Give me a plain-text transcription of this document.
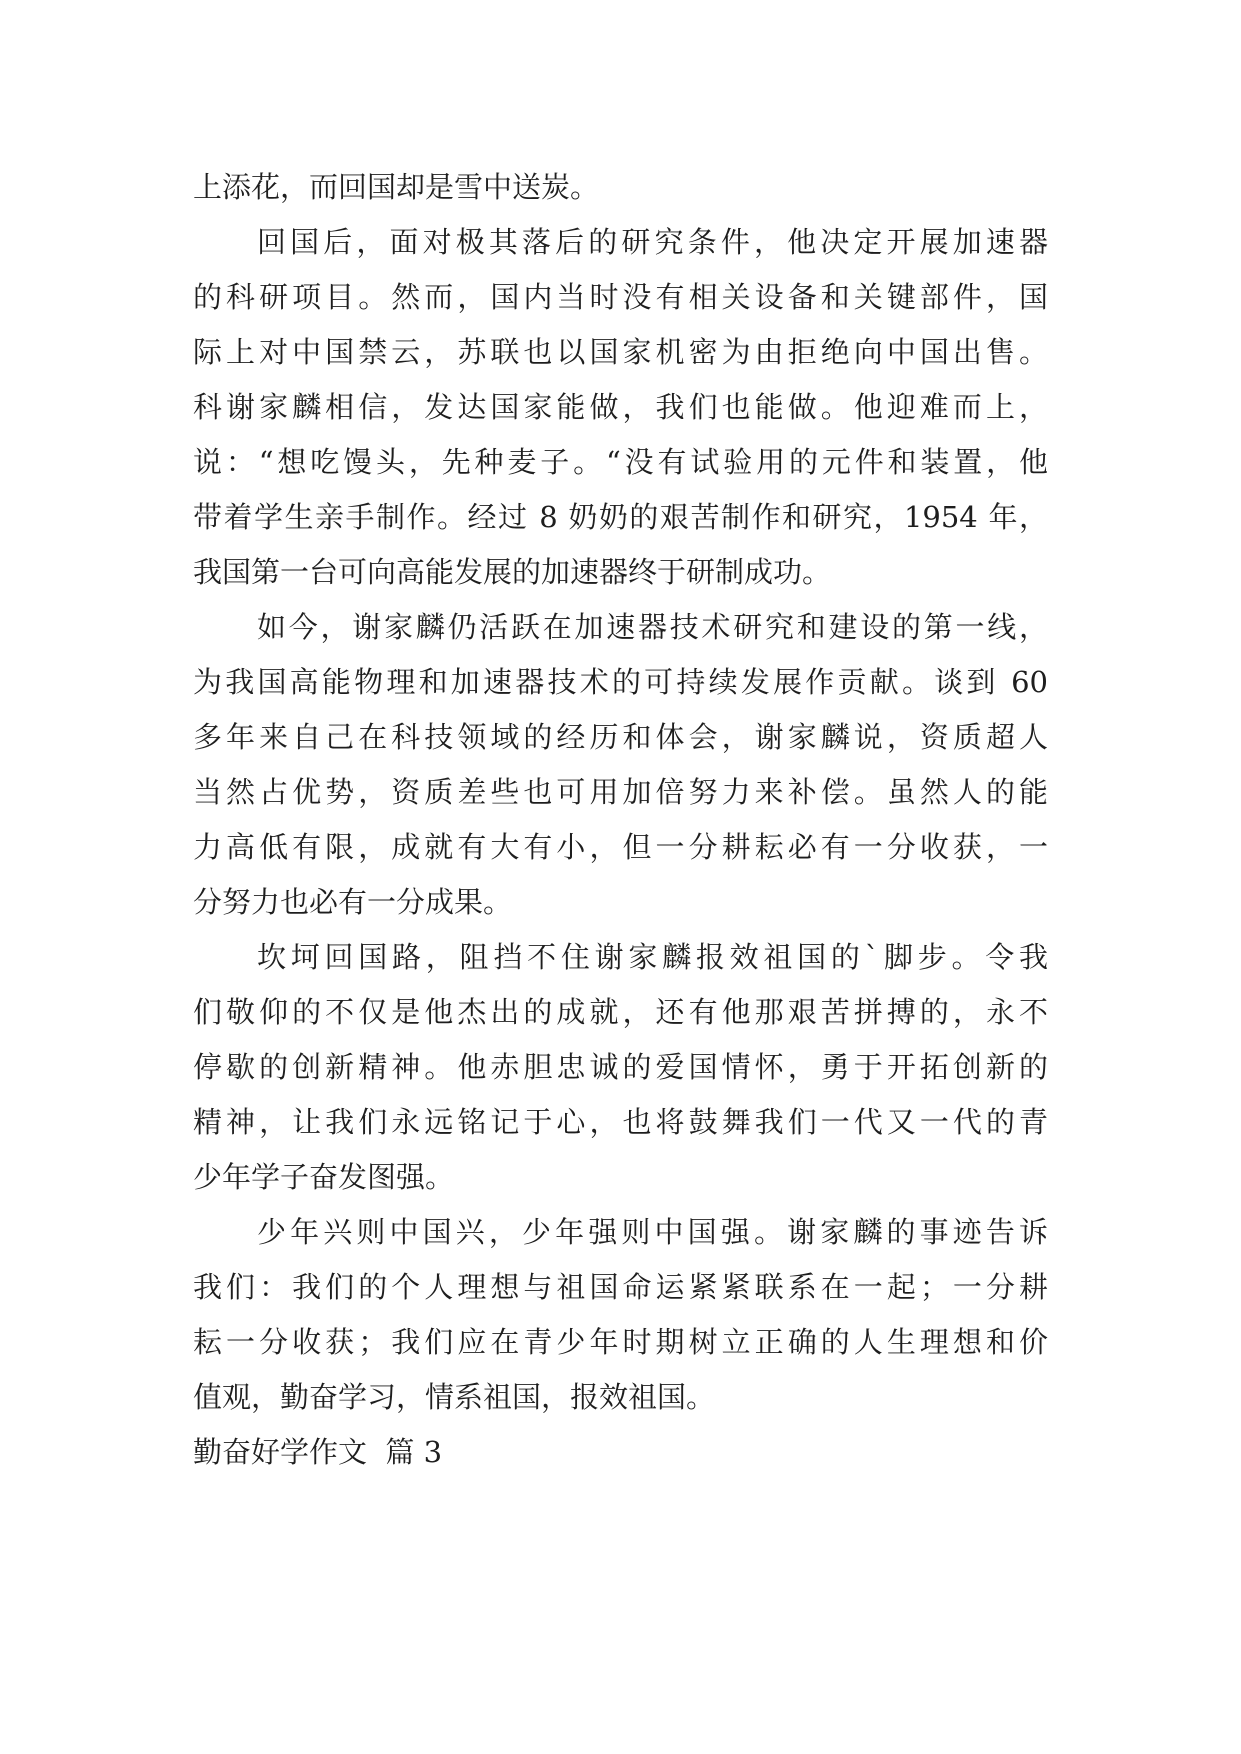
上添花，而回国却是雪中送炭。
回国后，面对极其落后的研究条件，他决定开展加速器
的科研项目。然而，国内当时没有相关设备和关键部件，国
际上对中国禁云，苏联也以国家机密为由拒绝向中国出售。
科谢家麟相信，发达国家能做，我们也能做。他迎难而上，
说：“想吃馒头，先种麦子。“没有试验用的元件和装置，他
带着学生亲手制作。经过 8 奶奶的艰苦制作和研究，1954 年，
我国第一台可向高能发展的加速器终于研制成功。
如今，谢家麟仍活跃在加速器技术研究和建设的第一线，
为我国高能物理和加速器技术的可持续发展作贡献。谈到 60
多年来自己在科技领域的经历和体会，谢家麟说，资质超人
当然占优势，资质差些也可用加倍努力来补偿。虽然人的能
力高低有限，成就有大有小，但一分耕耘必有一分收获，一
分努力也必有一分成果。
坎坷回国路，阻挡不住谢家麟报效祖国的`脚步。令我
们敬仰的不仅是他杰出的成就，还有他那艰苦拼搏的，永不
停歇的创新精神。他赤胆忠诚的爱国情怀，勇于开拓创新的
精神，让我们永远铭记于心，也将鼓舞我们一代又一代的青
少年学子奋发图强。
少年兴则中国兴，少年强则中国强。谢家麟的事迹告诉
我们：我们的个人理想与祖国命运紧紧联系在一起；一分耕
耘一分收获；我们应在青少年时期树立正确的人生理想和价
值观，勤奋学习，情系祖国，报效祖国。
勤奋好学作文  篇 3
